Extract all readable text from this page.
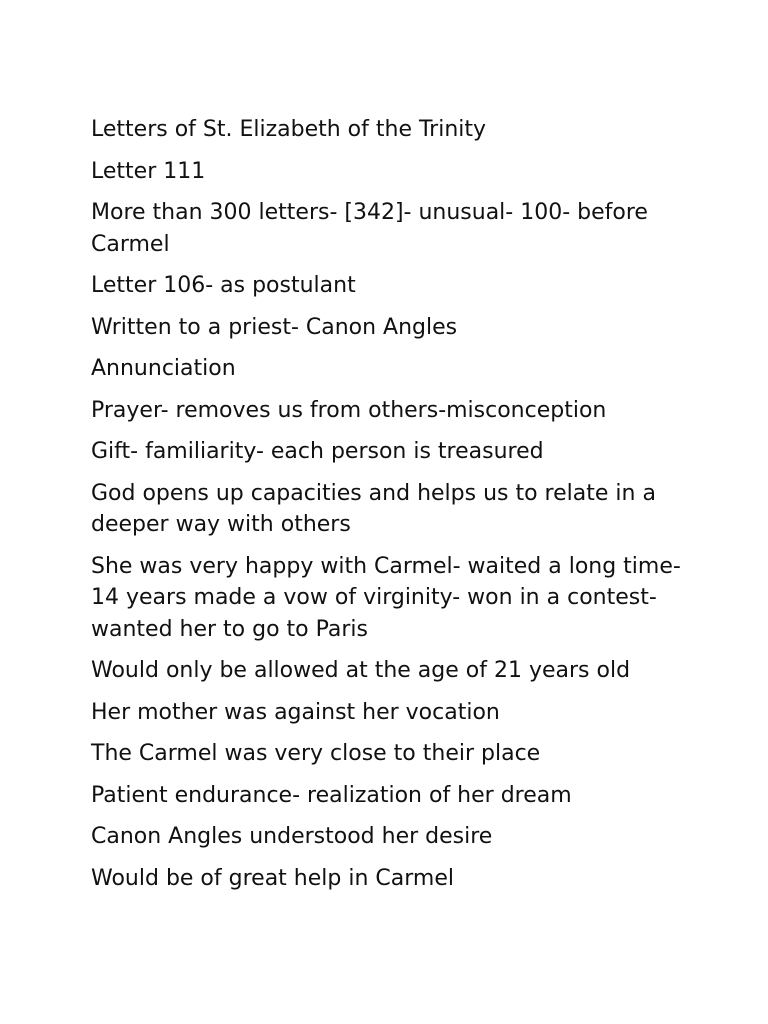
Letters of St. Elizabeth of the Trinity

Letter 111

More than 300 letters- [342]- unusual- 100- before Carmel

Letter 106- as postulant

Written to a priest- Canon Angles

Annunciation

Prayer- removes us from others-misconception

Gift- familiarity- each person is treasured

God opens up capacities and helps us to relate in a deeper way with others

She was very happy with Carmel- waited a long time- 14 years made a vow of virginity- won in a contest- wanted her to go to Paris

Would only be allowed at the age of 21 years old

Her mother was against her vocation

The Carmel was very close to their place

Patient endurance- realization of her dream

Canon Angles understood her desire

Would be of great help in Carmel
